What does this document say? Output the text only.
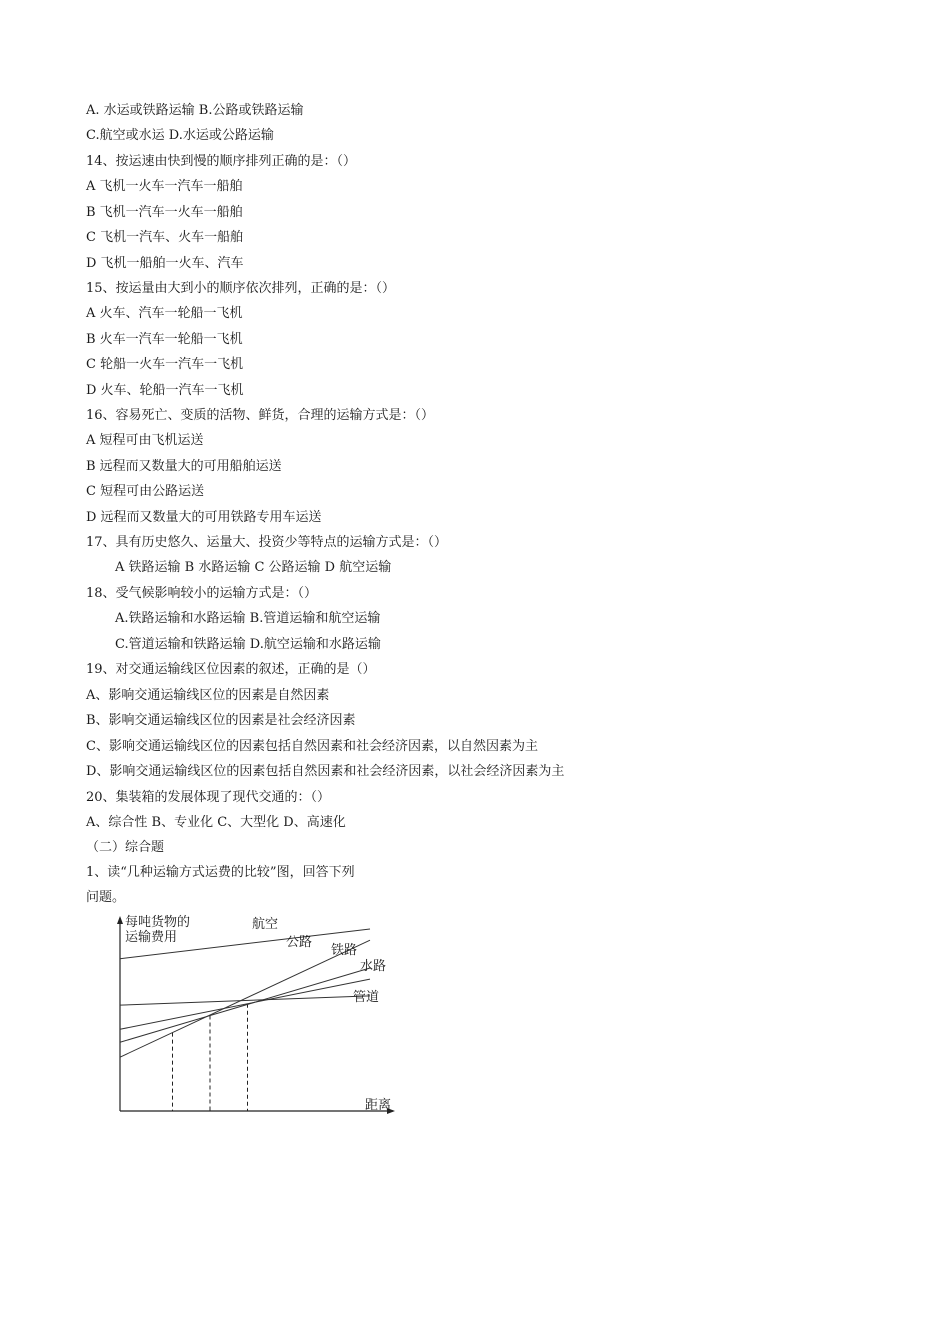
A. 水运或铁路运输 B.公路或铁路运输
C.航空或水运 D.水运或公路运输
14、按运速由快到慢的顺序排列正确的是：（）
A 飞机一火车一汽车一船舶
B 飞机一汽车一火车一船舶
C 飞机一汽车、火车一船舶
D 飞机一船舶一火车、汽车
15、按运量由大到小的顺序依次排列，正确的是：（）
A 火车、汽车一轮船一飞机
B 火车一汽车一轮船一飞机
C 轮船一火车一汽车一飞机
D 火车、轮船一汽车一飞机
16、容易死亡、变质的活物、鲜货，合理的运输方式是：（）
A 短程可由飞机运送
B 远程而又数量大的可用船舶运送
C 短程可由公路运送
D 远程而又数量大的可用铁路专用车运送
17、具有历史悠久、运量大、投资少等特点的运输方式是：（）
A 铁路运输 B 水路运输 C 公路运输 D 航空运输
18、受气候影响较小的运输方式是：（）
A.铁路运输和水路运输 B.管道运输和航空运输
C.管道运输和铁路运输 D.航空运输和水路运输
19、对交通运输线区位因素的叙述，正确的是（）
A、影响交通运输线区位的因素是自然因素
B、影响交通运输线区位的因素是社会经济因素
C、影响交通运输线区位的因素包括自然因素和社会经济因素，以自然因素为主
D、影响交通运输线区位的因素包括自然因素和社会经济因素，以社会经济因素为主
20、集装箱的发展体现了现代交通的：（）
A、综合性 B、专业化 C、大型化 D、高速化
（二）综合题
1、读“几种运输方式运费的比较”图，回答下列
问题。
航空
公路
铁路
水路
管道
每吨货物的
运输费用
距离
